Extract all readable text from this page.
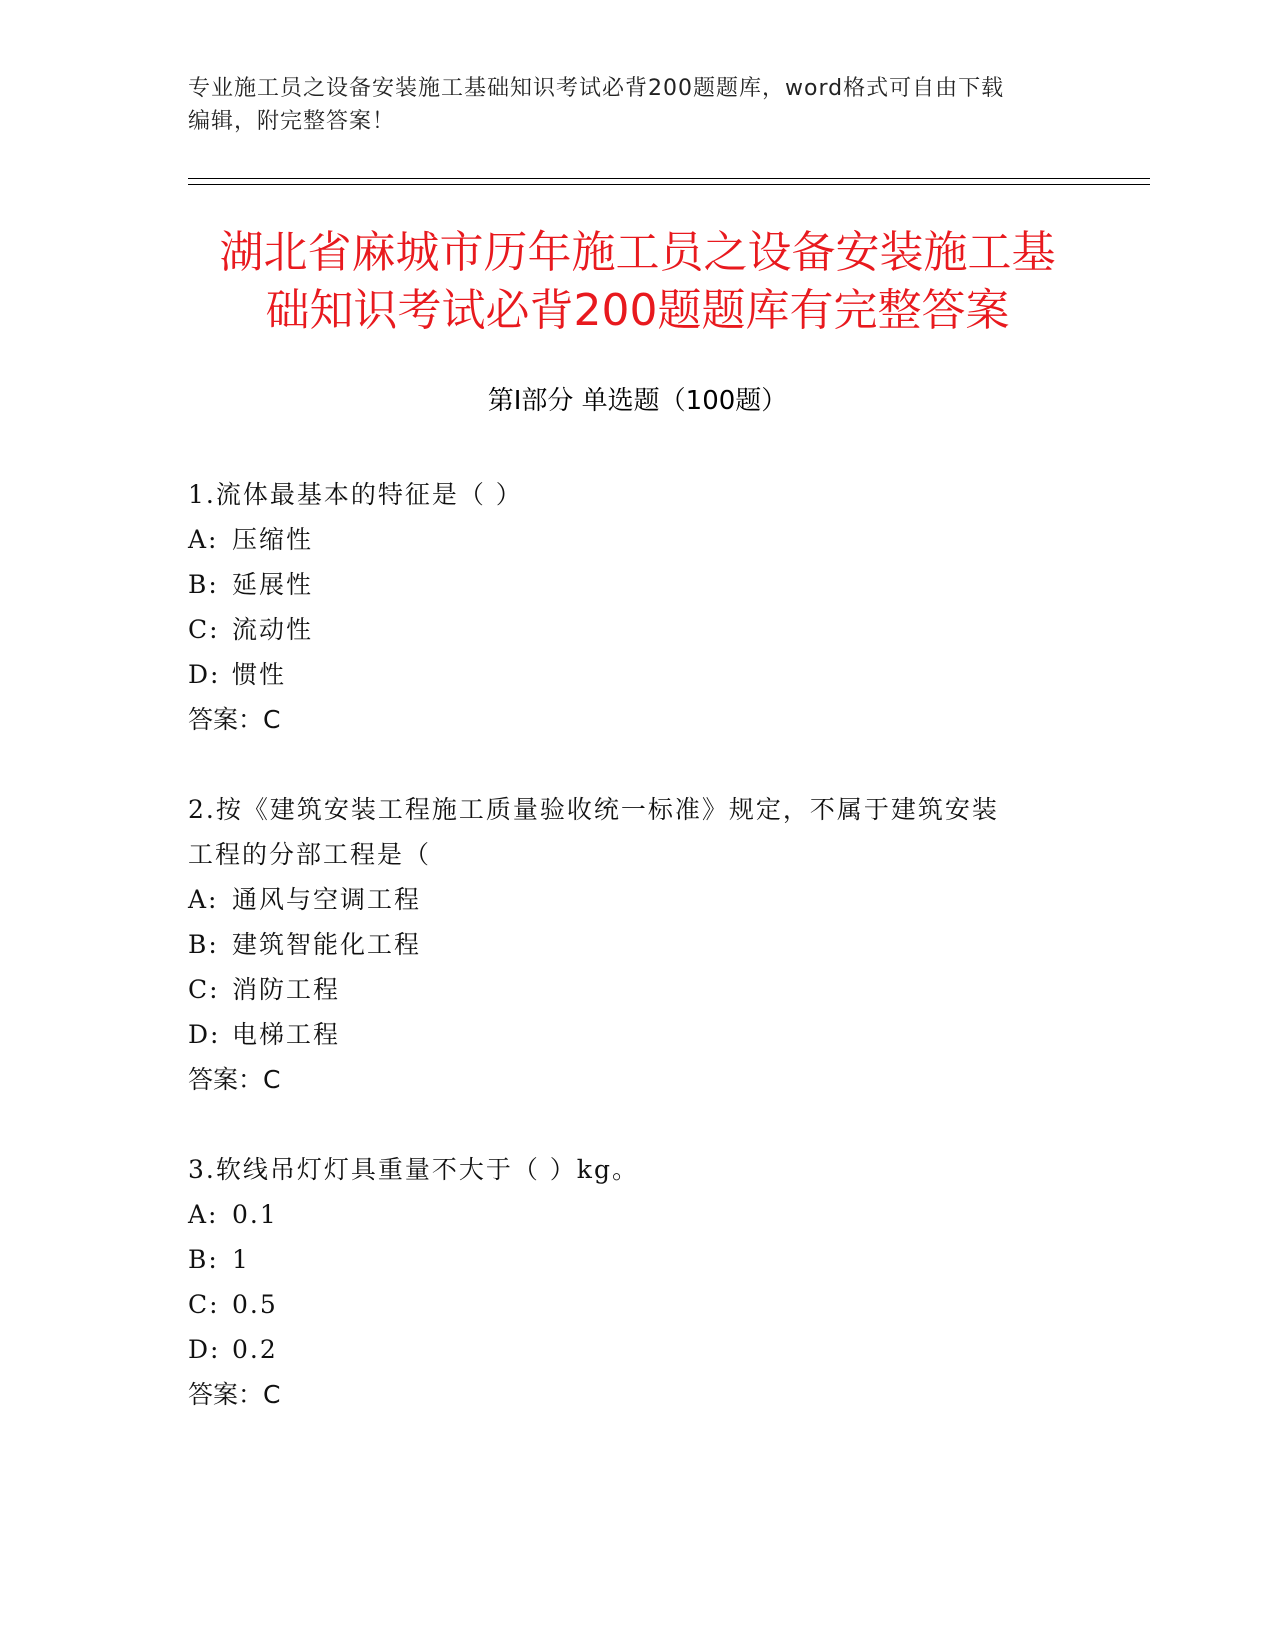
专业施工员之设备安装施工基础知识考试必背200题题库，word格式可自由下载
编辑，附完整答案！
湖北省麻城市历年施工员之设备安装施工基
础知识考试必背200题题库有完整答案
第Ⅰ部分 单选题（100题）
1.流体最基本的特征是（ ）
A: 压缩性
B: 延展性
C: 流动性
D: 惯性
答案：C
2.按《建筑安装工程施工质量验收统一标准》规定，不属于建筑安装
工程的分部工程是（
A: 通风与空调工程
B: 建筑智能化工程
C: 消防工程
D: 电梯工程
答案：C
3.软线吊灯灯具重量不大于（ ）kg。
A: 0.1
B: 1
C: 0.5
D: 0.2
答案：C
